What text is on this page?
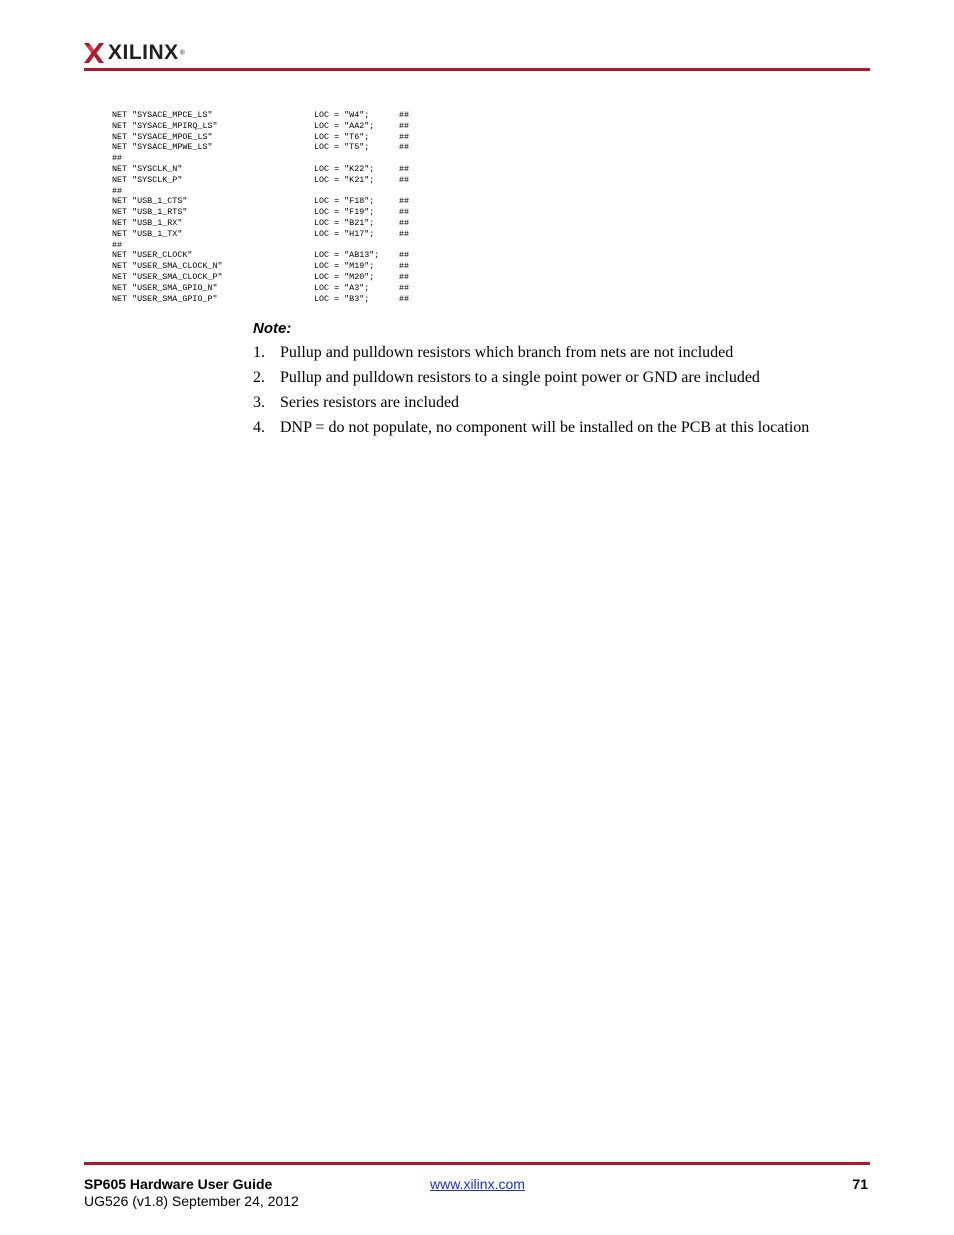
XILINX ®
NET "SYSACE_MPCE_LS"	LOC = "W4";	##
NET "SYSACE_MPIRQ_LS"	LOC = "AA2";	##
NET "SYSACE_MPOE_LS"	LOC = "T6";	##
NET "SYSACE_MPWE_LS"	LOC = "T5";	##
##
NET "SYSCLK_N"	LOC = "K22";	##
NET "SYSCLK_P"	LOC = "K21";	##
##
NET "USB_1_CTS"	LOC = "F18";	##
NET "USB_1_RTS"	LOC = "F19";	##
NET "USB_1_RX"	LOC = "B21";	##
NET "USB_1_TX"	LOC = "H17";	##
##
NET "USER_CLOCK"	LOC = "AB13"; ##
NET "USER_SMA_CLOCK_N"	LOC = "M19";	##
NET "USER_SMA_CLOCK_P"	LOC = "M20";	##
NET "USER_SMA_GPIO_N"	LOC = "A3";	##
NET "USER_SMA_GPIO_P"	LOC = "B3";	##
Note:
1. Pullup and pulldown resistors which branch from nets are not included
2. Pullup and pulldown resistors to a single point power or GND are included
3. Series resistors are included
4. DNP = do not populate, no component will be installed on the PCB at this location
SP605 Hardware User Guide
UG526 (v1.8) September 24, 2012
www.xilinx.com	71
